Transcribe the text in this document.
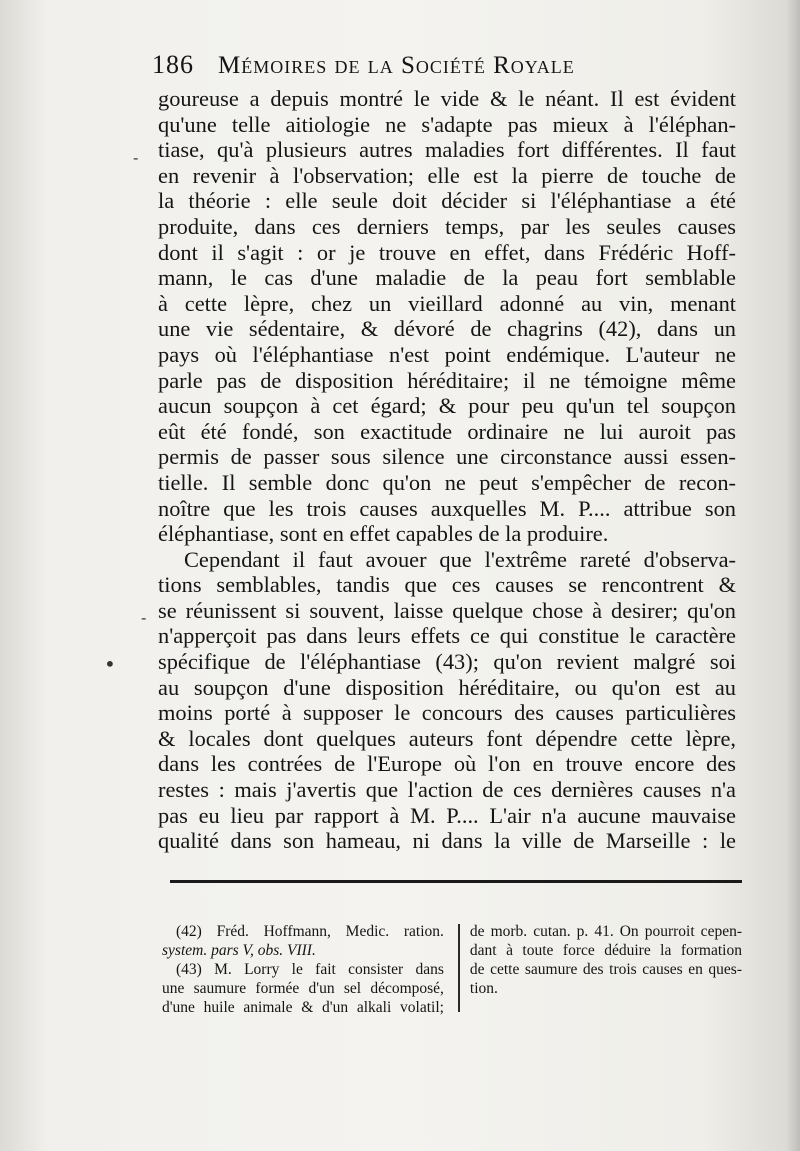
186 Mémoires de la Société Royale
goureuse a depuis montré le vide & le néant. Il est évident
qu'une telle aitiologie ne s'adapte pas mieux à l'éléphan-
tiase, qu'à plusieurs autres maladies fort différentes. Il faut
en revenir à l'observation; elle est la pierre de touche de
la théorie : elle seule doit décider si l'éléphantiase a été
produite, dans ces derniers temps, par les seules causes
dont il s'agit : or je trouve en effet, dans Frédéric Hoff-
mann, le cas d'une maladie de la peau fort semblable
à cette lèpre, chez un vieillard adonné au vin, menant
une vie sédentaire, & dévoré de chagrins (42), dans un
pays où l'éléphantiase n'est point endémique. L'auteur ne
parle pas de disposition héréditaire; il ne témoigne même
aucun soupçon à cet égard; & pour peu qu'un tel soupçon
eût été fondé, son exactitude ordinaire ne lui auroit pas
permis de passer sous silence une circonstance aussi essen-
tielle. Il semble donc qu'on ne peut s'empêcher de recon-
noître que les trois causes auxquelles M. P.... attribue son
éléphantiase, sont en effet capables de la produire.
Cependant il faut avouer que l'extrême rareté d'observa-
tions semblables, tandis que ces causes se rencontrent &
se réunissent si souvent, laisse quelque chose à desirer; qu'on
n'apperçoit pas dans leurs effets ce qui constitue le caractère
spécifique de l'éléphantiase (43); qu'on revient malgré soi
au soupçon d'une disposition héréditaire, ou qu'on est au
moins porté à supposer le concours des causes particulières
& locales dont quelques auteurs font dépendre cette lèpre,
dans les contrées de l'Europe où l'on en trouve encore des
restes : mais j'avertis que l'action de ces dernières causes n'a
pas eu lieu par rapport à M. P.... L'air n'a aucune mauvaise
qualité dans son hameau, ni dans la ville de Marseille : le
(42) Fréd. Hoffmann, Medic. ration.
system. pars V, obs. VIII.
(43) M. Lorry le fait consister dans
une saumure formée d'un sel décomposé,
d'une huile animale & d'un alkali volatil;
de morb. cutan. p. 41. On pourroit cepen-
dant à toute force déduire la formation
de cette saumure des trois causes en ques-
tion.
-
-
•
